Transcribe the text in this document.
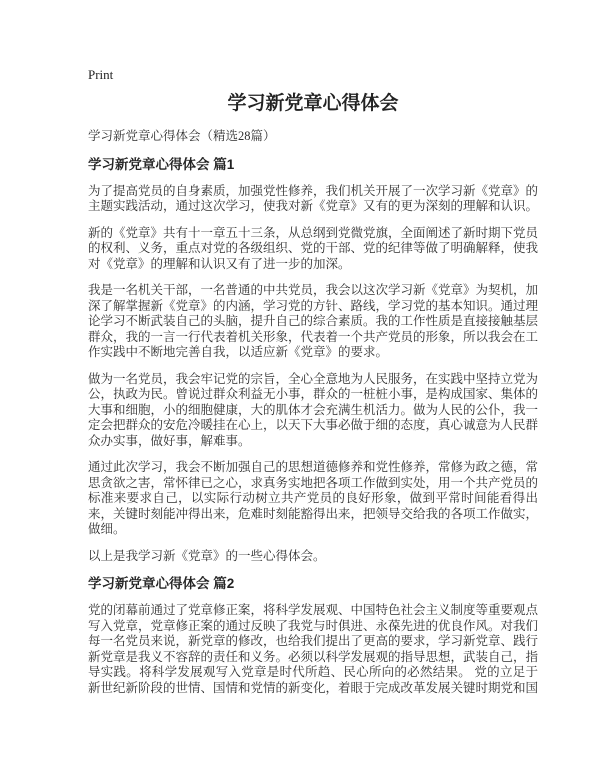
Print
学习新党章心得体会

学习新党章心得体会（精选28篇）

学习新党章心得体会 篇1

为了提高党员的自身素质，加强党性修养，我们机关开展了一次学习新《党章》的主题实践活动，通过这次学习，使我对新《党章》又有的更为深刻的理解和认识。

新的《党章》共有十一章五十三条，从总纲到党微党旗，全面阐述了新时期下党员的权利、义务，重点对党的各级组织、党的干部、党的纪律等做了明确解释，使我对《党章》的理解和认识又有了进一步的加深。

我是一名机关干部，一名普通的中共党员，我会以这次学习新《党章》为契机，加深了解掌握新《党章》的内涵，学习党的方针、路线，学习党的基本知识。通过理论学习不断武装自己的头脑，提升自己的综合素质。我的工作性质是直接接触基层群众，我的一言一行代表着机关形象，代表着一个共产党员的形象，所以我会在工作实践中不断地完善自我，以适应新《党章》的要求。

做为一名党员，我会牢记党的宗旨，全心全意地为人民服务，在实践中坚持立党为公，执政为民。曾说过群众利益无小事，群众的一桩桩小事，是构成国家、集体的大事和细胞，小的细胞健康，大的肌体才会充满生机活力。做为人民的公仆，我一定会把群众的安危冷暖挂在心上，以天下大事必做于细的态度，真心诚意为人民群众办实事，做好事，解难事。

通过此次学习，我会不断加强自己的思想道德修养和党性修养，常修为政之德，常思贪欲之害，常怀律已之心，求真务实地把各项工作做到实处，用一个共产党员的标准来要求自己，以实际行动树立共产党员的良好形象，做到平常时间能看得出来，关键时刻能冲得出来，危难时刻能豁得出来，把领导交给我的各项工作做实，做细。

以上是我学习新《党章》的一些心得体会。

学习新党章心得体会 篇2

党的闭幕前通过了党章修正案，将科学发展观、中国特色社会主义制度等重要观点写入党章，党章修正案的通过反映了我党与时俱进、永葆先进的优良作风。对我们每一名党员来说，新党章的修改，也给我们提出了更高的要求，学习新党章、践行新党章是我义不容辞的责任和义务。必须以科学发展观的指导思想，武装自己，指导实践。将科学发展观写入党章是时代所趋、民心所向的必然结果。 党的立足于新世纪新阶段的世情、国情和党情的新变化，着眼于完成改革发展关键时期党和国
